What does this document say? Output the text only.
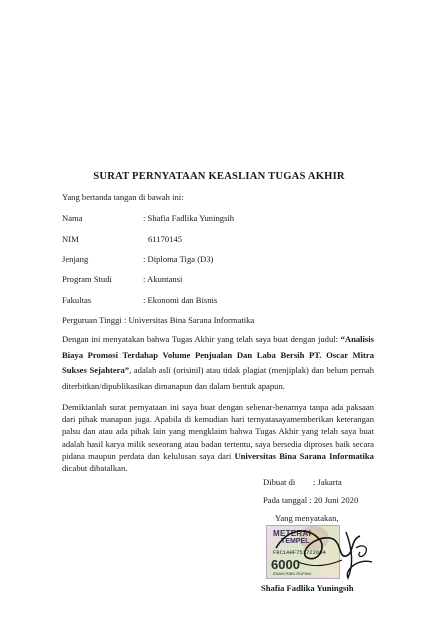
SURAT PERNYATAAN KEASLIAN TUGAS AKHIR
Yang bertanda tangan di bawah ini:
Nama	: Shafia Fadlika Yuningsih
NIM	61170145
Jenjang	: Diploma Tiga (D3)
Program Studi	: Akuntansi
Fakultas	: Ekonomi dan Bisnis
Perguruan Tinggi : Universitas Bina Sarana Informatika
Dengan ini menyatakan bahwa Tugas Akhir yang telah saya buat dengan judul: “Analisis Biaya Promosi Terdahap Volume Penjualan Dan Laba Bersih PT. Oscar Mitra Sukses Sejahtera”, adalah asli (orisinil) atau tidak plagiat (menjiplak) dan belum pernah diterbitkan/dipublikasikan dimanapun dan dalam bentuk apapun.
Demikianlah surat pernyataan ini saya buat dengan sebenar-benarnya tanpa ada paksaan dari pihak manapun juga. Apabila di kemudian hari ternyatasayamemberikan keterangan palsu dan atau ada pihak lain yang mengklaim bahwa Tugas Akhir yang telah saya buat adalah hasil karya milik seseorang atau badan tertentu, saya bersedia diproses baik secara pidana maupun perdata dan kelulusan saya dari Universitas Bina Sarana Informatika dicabut dibatalkan.
Dibuat di : Jakarta
Pada tanggal : 20 Juni 2020
Yang menyatakan,
METERAI
TEMPEL
F8C1AHF751722604
6000
ENAM RIBU RUPIAH
Shafia Fadlika Yuningsih
